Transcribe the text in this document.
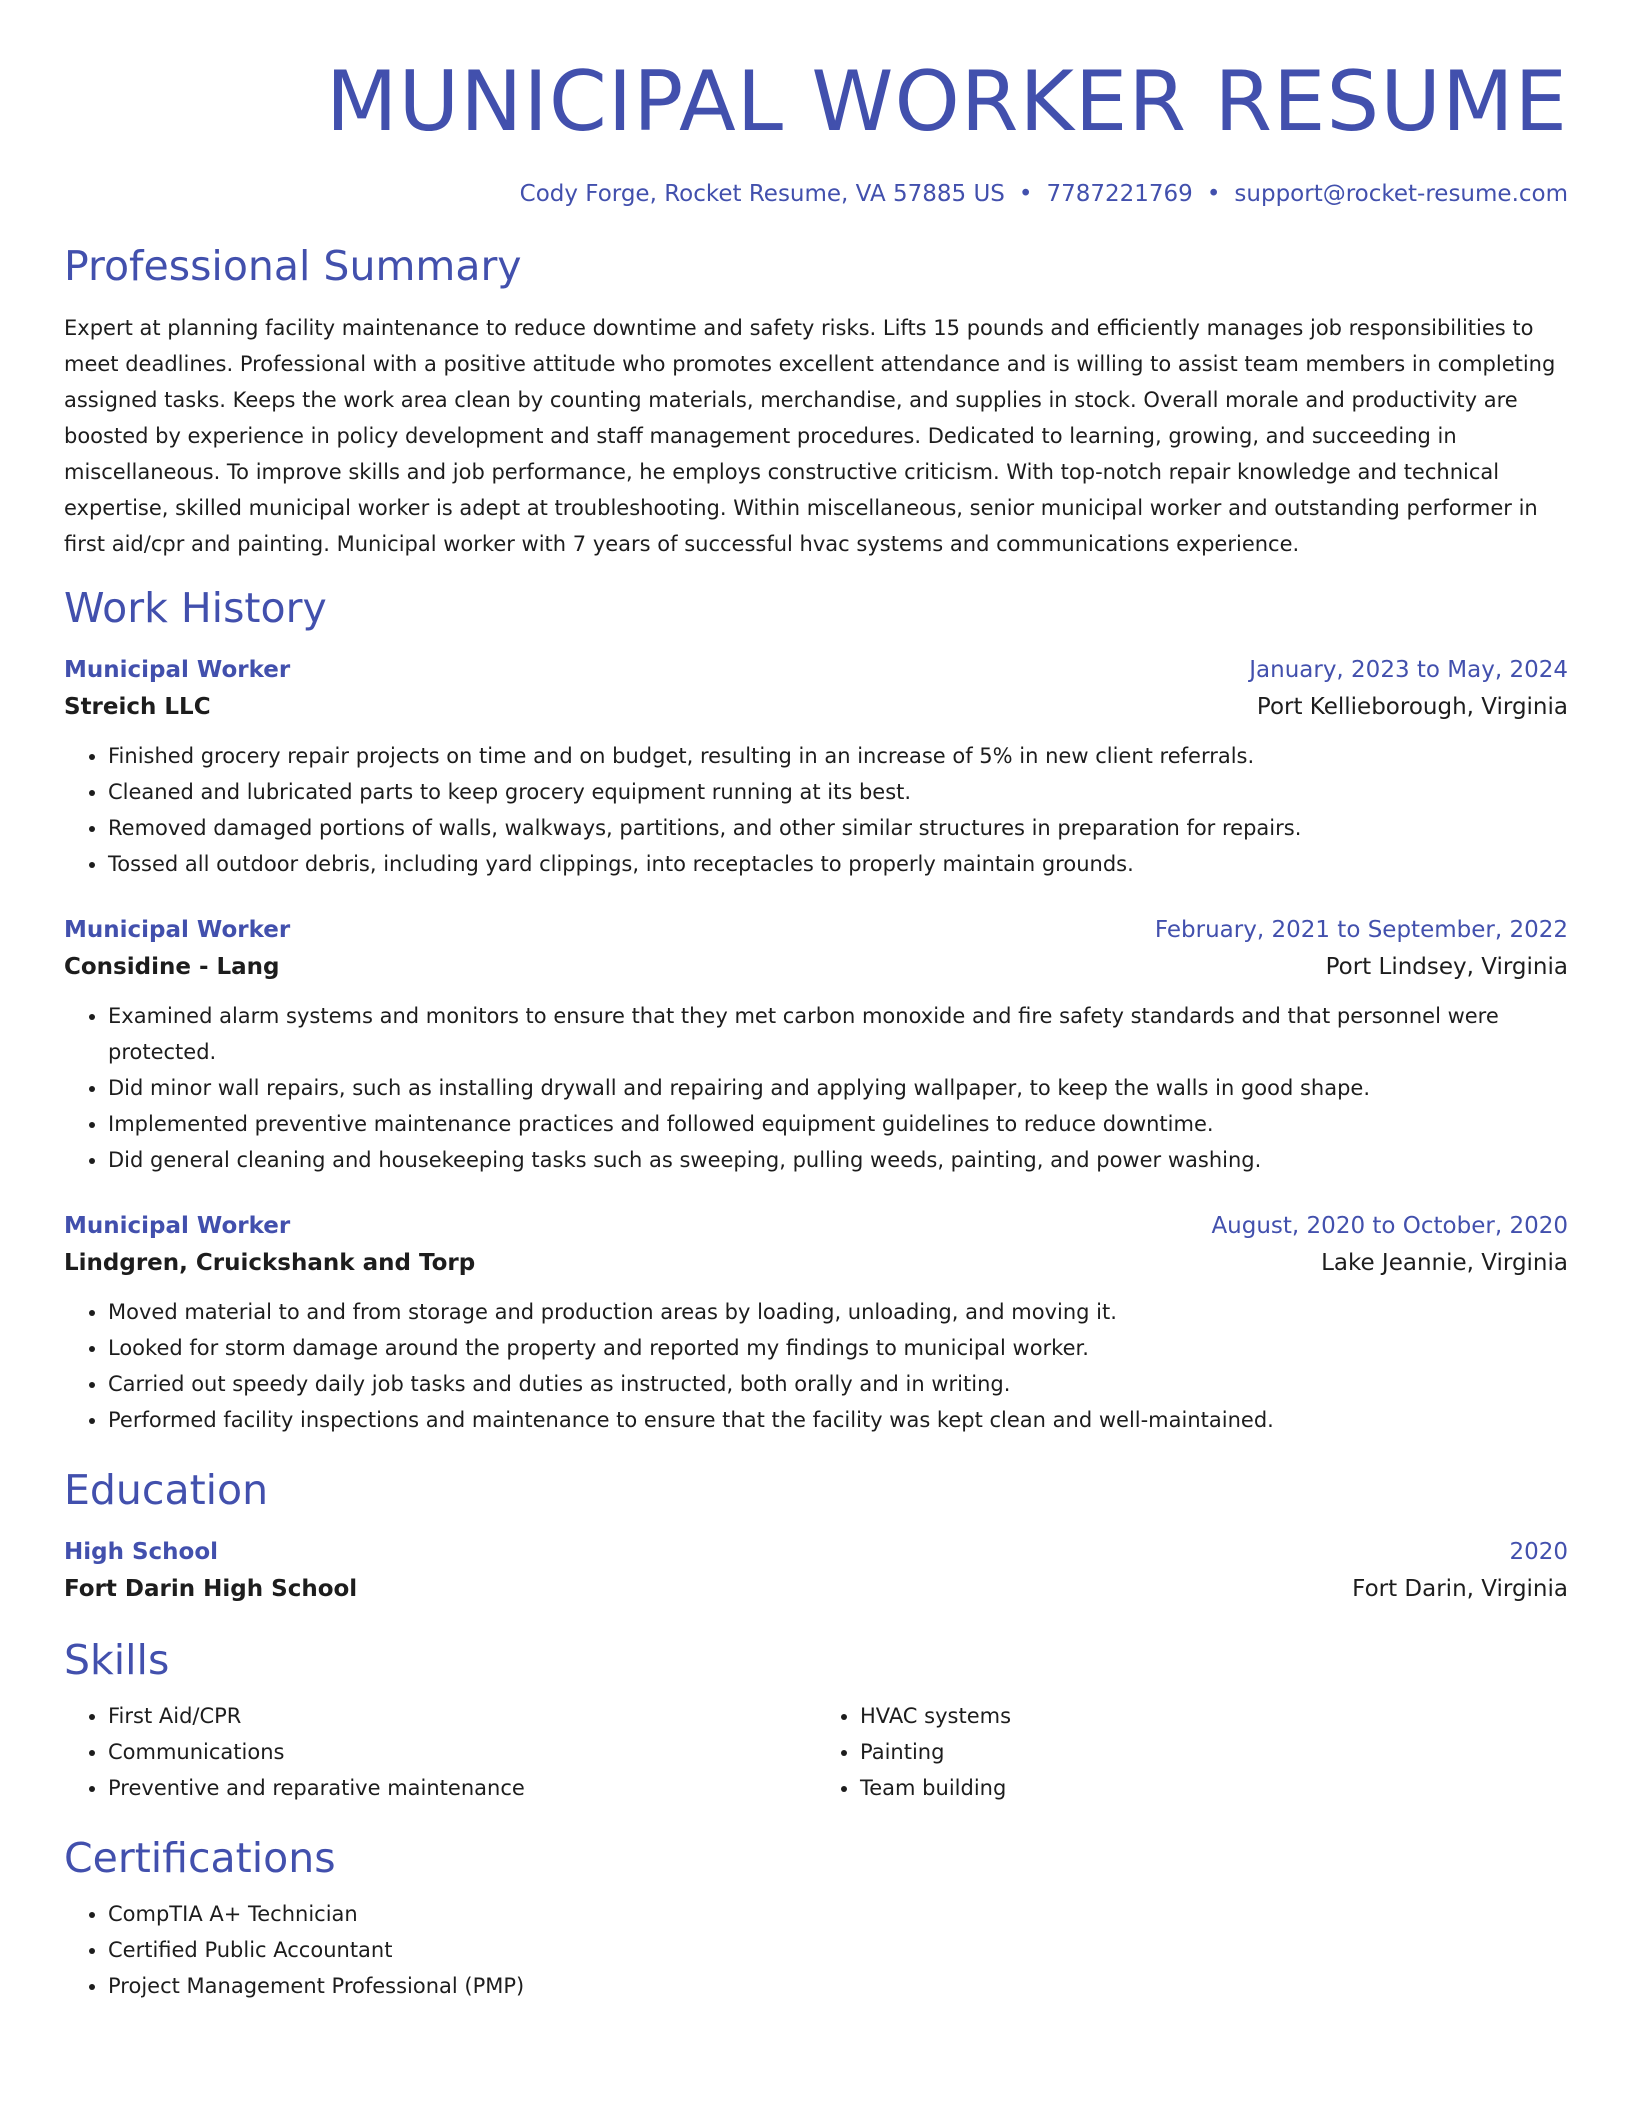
MUNICIPAL WORKER RESUME
Cody Forge, Rocket Resume, VA 57885 US • 7787221769 • support@rocket-resume.com
Professional Summary
Expert at planning facility maintenance to reduce downtime and safety risks. Lifts 15 pounds and efficiently manages job responsibilities to meet deadlines. Professional with a positive attitude who promotes excellent attendance and is willing to assist team members in completing assigned tasks. Keeps the work area clean by counting materials, merchandise, and supplies in stock. Overall morale and productivity are boosted by experience in policy development and staff management procedures. Dedicated to learning, growing, and succeeding in miscellaneous. To improve skills and job performance, he employs constructive criticism. With top-notch repair knowledge and technical expertise, skilled municipal worker is adept at troubleshooting. Within miscellaneous, senior municipal worker and outstanding performer in first aid/cpr and painting. Municipal worker with 7 years of successful hvac systems and communications experience.
Work History
Municipal Worker	January, 2023 to May, 2024
Streich LLC	Port Kellieborough, Virginia
• Finished grocery repair projects on time and on budget, resulting in an increase of 5% in new client referrals.
• Cleaned and lubricated parts to keep grocery equipment running at its best.
• Removed damaged portions of walls, walkways, partitions, and other similar structures in preparation for repairs.
• Tossed all outdoor debris, including yard clippings, into receptacles to properly maintain grounds.
Municipal Worker	February, 2021 to September, 2022
Considine - Lang	Port Lindsey, Virginia
• Examined alarm systems and monitors to ensure that they met carbon monoxide and fire safety standards and that personnel were protected.
• Did minor wall repairs, such as installing drywall and repairing and applying wallpaper, to keep the walls in good shape.
• Implemented preventive maintenance practices and followed equipment guidelines to reduce downtime.
• Did general cleaning and housekeeping tasks such as sweeping, pulling weeds, painting, and power washing.
Municipal Worker	August, 2020 to October, 2020
Lindgren, Cruickshank and Torp	Lake Jeannie, Virginia
• Moved material to and from storage and production areas by loading, unloading, and moving it.
• Looked for storm damage around the property and reported my findings to municipal worker.
• Carried out speedy daily job tasks and duties as instructed, both orally and in writing.
• Performed facility inspections and maintenance to ensure that the facility was kept clean and well-maintained.
Education
High School	2020
Fort Darin High School	Fort Darin, Virginia
Skills
• First Aid/CPR
• Communications
• Preventive and reparative maintenance
• HVAC systems
• Painting
• Team building
Certifications
• CompTIA A+ Technician
• Certified Public Accountant
• Project Management Professional (PMP)
